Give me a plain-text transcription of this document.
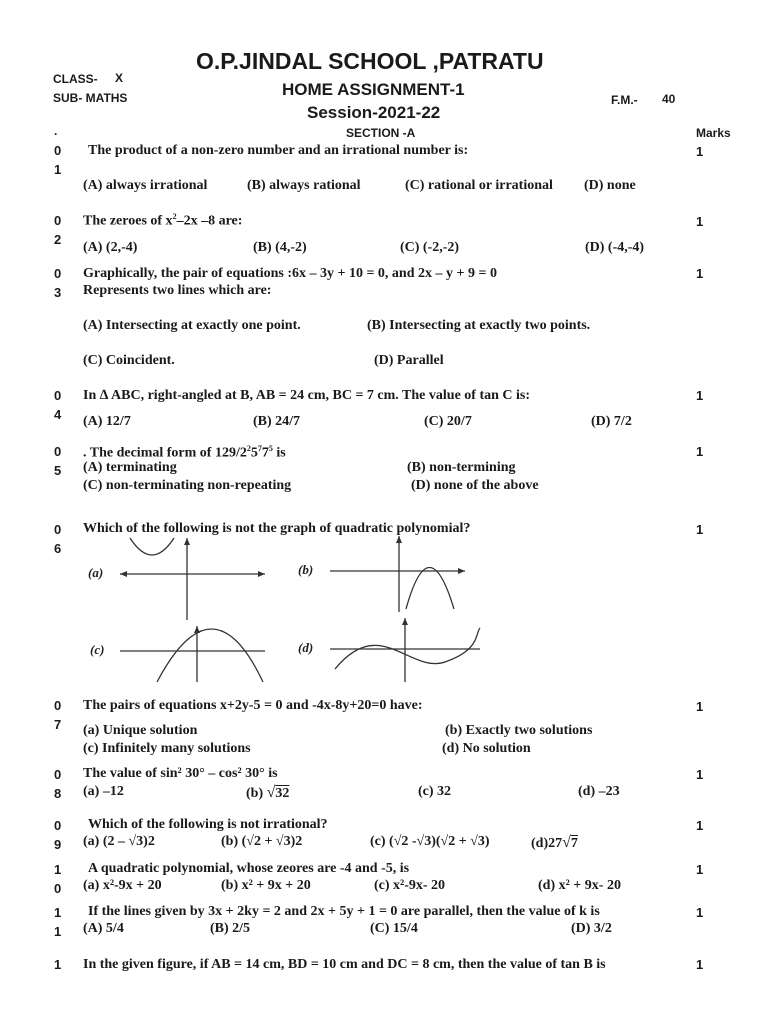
O.P.JINDAL SCHOOL ,PATRATU
HOME ASSIGNMENT-1
Session-2021-22
CLASS- X
SUB- MATHS	F.M.- 40
SECTION -A	Marks
.
0
1
The product of a non-zero number and an irrational number is:	1
(A) always irrational	(B) always rational	(C) rational or irrational (D) none
0
2
The zeroes of $x^2-2x$ –8 are:	1
(A) (2,-4)	(B) (4,-2)	(C) (-2,-2)	(D) (-4,-4)
0
3
Graphically, the pair of equations :6x – 3y + 10 = 0, and 2x – y + 9 = 0
Represents two lines which are:
1
(A) Intersecting at exactly one point.	(B) Intersecting at exactly two points.
(C) Coincident.	(D) Parallel
0
4
In ∆ ABC, right-angled at B, AB = 24 cm, BC = 7 cm. The value of tan C is:	1
(A) 12/7	(B) 24/7	(C) 20/7	(D) 7/2
0
5
. The decimal form of $129/2^25^77^5$ is	1
(A) terminating	(B) non-termining
(C) non-terminating non-repeating	(D) none of the above
0
6
Which of the following is not the graph of quadratic polynomial?	1
(a)	(b)
(c)	(d)
0
7
The pairs of equations x+2y-5 = 0 and -4x-8y+20=0 have:	1
(a) Unique solution	(b) Exactly two solutions
(c) Infinitely many solutions	(d) No solution
0
8
The value of sin² 30° – cos² 30° is	1
(a) –12	(b) √32	(c) 32	(d) –23
0
9
Which of the following is not irrational?	1
(a) (2 – √3)2	(b) (√2 + √3)2	(c) (√2 -√3)(√2 + √3)	(d)27√7
1
0
A quadratic polynomial, whose zeores are -4 and -5, is	1
(a) x²-9x + 20	(b) x² + 9x + 20	(c) x²-9x- 20	(d) x² + 9x- 20
1
1
If the lines given by 3x + 2ky = 2 and 2x + 5y + 1 = 0 are parallel, then the value of k is	1
(A) 5/4	(B) 2/5	(C) 15/4	(D) 3/2
1 In the given figure, if AB = 14 cm, BD = 10 cm and DC = 8 cm, then the value of tan B is	1
